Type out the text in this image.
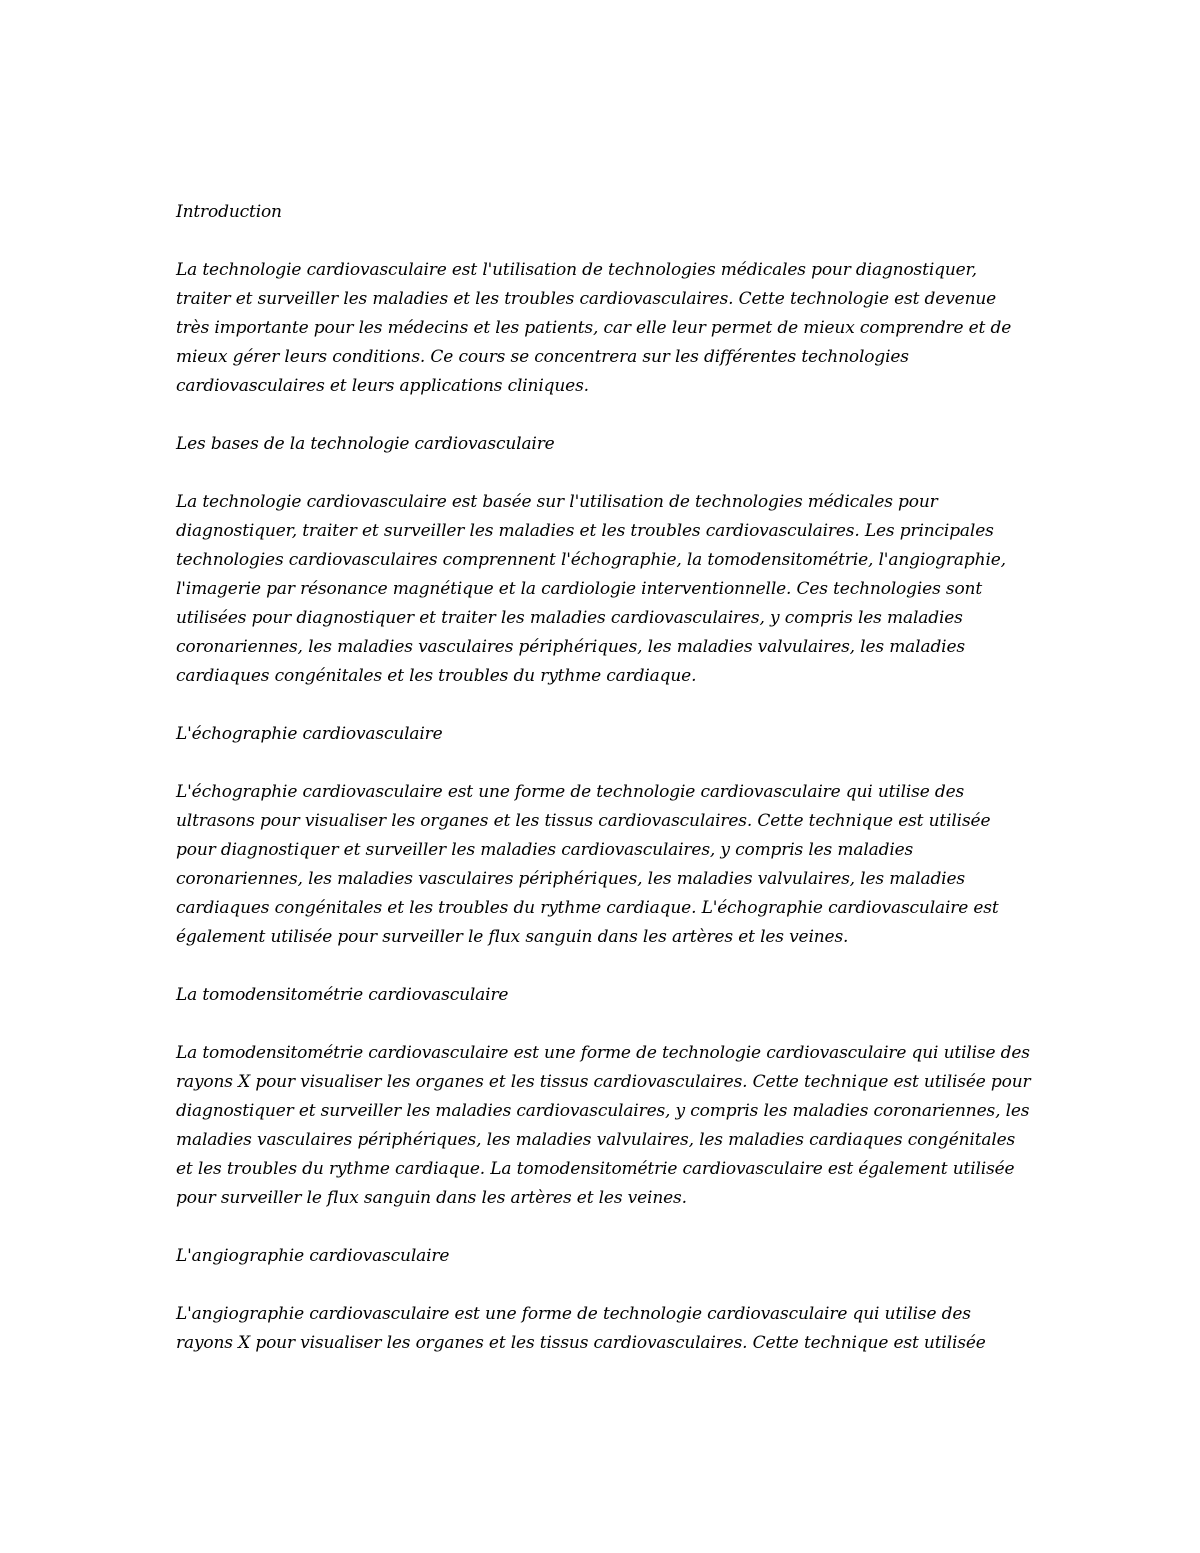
Introduction

La technologie cardiovasculaire est l'utilisation de technologies médicales pour diagnostiquer, traiter et surveiller les maladies et les troubles cardiovasculaires. Cette technologie est devenue très importante pour les médecins et les patients, car elle leur permet de mieux comprendre et de mieux gérer leurs conditions. Ce cours se concentrera sur les différentes technologies cardiovasculaires et leurs applications cliniques.

Les bases de la technologie cardiovasculaire

La technologie cardiovasculaire est basée sur l'utilisation de technologies médicales pour diagnostiquer, traiter et surveiller les maladies et les troubles cardiovasculaires. Les principales technologies cardiovasculaires comprennent l'échographie, la tomodensitométrie, l'angiographie, l'imagerie par résonance magnétique et la cardiologie interventionnelle. Ces technologies sont utilisées pour diagnostiquer et traiter les maladies cardiovasculaires, y compris les maladies coronariennes, les maladies vasculaires périphériques, les maladies valvulaires, les maladies cardiaques congénitales et les troubles du rythme cardiaque.

L'échographie cardiovasculaire

L'échographie cardiovasculaire est une forme de technologie cardiovasculaire qui utilise des ultrasons pour visualiser les organes et les tissus cardiovasculaires. Cette technique est utilisée pour diagnostiquer et surveiller les maladies cardiovasculaires, y compris les maladies coronariennes, les maladies vasculaires périphériques, les maladies valvulaires, les maladies cardiaques congénitales et les troubles du rythme cardiaque. L'échographie cardiovasculaire est également utilisée pour surveiller le flux sanguin dans les artères et les veines.

La tomodensitométrie cardiovasculaire

La tomodensitométrie cardiovasculaire est une forme de technologie cardiovasculaire qui utilise des rayons X pour visualiser les organes et les tissus cardiovasculaires. Cette technique est utilisée pour diagnostiquer et surveiller les maladies cardiovasculaires, y compris les maladies coronariennes, les maladies vasculaires périphériques, les maladies valvulaires, les maladies cardiaques congénitales et les troubles du rythme cardiaque. La tomodensitométrie cardiovasculaire est également utilisée pour surveiller le flux sanguin dans les artères et les veines.

L'angiographie cardiovasculaire

L'angiographie cardiovasculaire est une forme de technologie cardiovasculaire qui utilise des rayons X pour visualiser les organes et les tissus cardiovasculaires. Cette technique est utilisée
